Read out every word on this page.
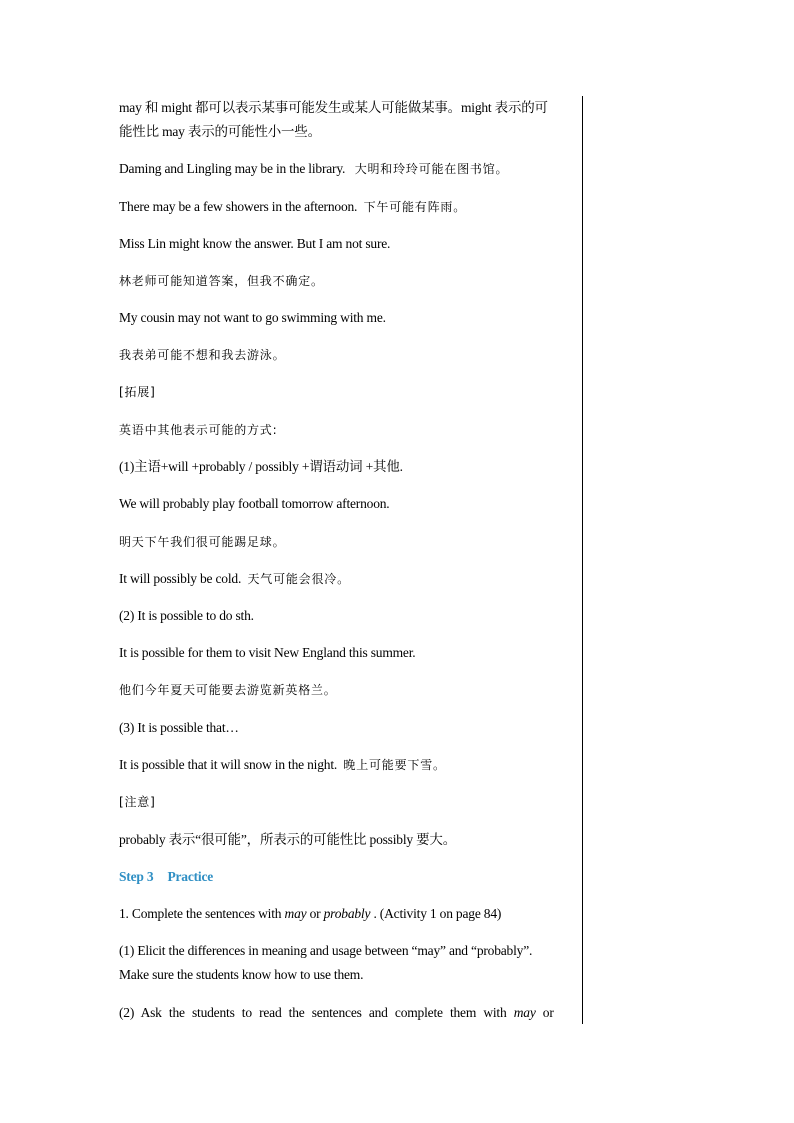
may 和 might 都可以表示某事可能发生或某人可能做某事。might 表示的可
能性比 may 表示的可能性小一些。
Daming and Lingling may be in the library. 大明和玲玲可能在图书馆。
There may be a few showers in the afternoon. 下午可能有阵雨。
Miss Lin might know the answer. But I am not sure.
林老师可能知道答案，但我不确定。
My cousin may not want to go swimming with me.
我表弟可能不想和我去游泳。
[拓展]
英语中其他表示可能的方式:
(1)主语+will +probably / possibly +谓语动词 +其他.
We will probably play football tomorrow afternoon.
明天下午我们很可能踢足球。
It will possibly be cold. 天气可能会很冷。
(2) It is possible to do sth.
It is possible for them to visit New England this summer.
他们今年夏天可能要去游览新英格兰。
(3) It is possible that…
It is possible that it will snow in the night. 晚上可能要下雪。
[注意]
probably 表示“很可能”，所表示的可能性比 possibly 要大。
Step 3 Practice
1. Complete the sentences with may or probably . (Activity 1 on page 84)
(1) Elicit the differences in meaning and usage between “may” and “probably”.
Make sure the students know how to use them.
(2) Ask the students to read the sentences and complete them with may or
